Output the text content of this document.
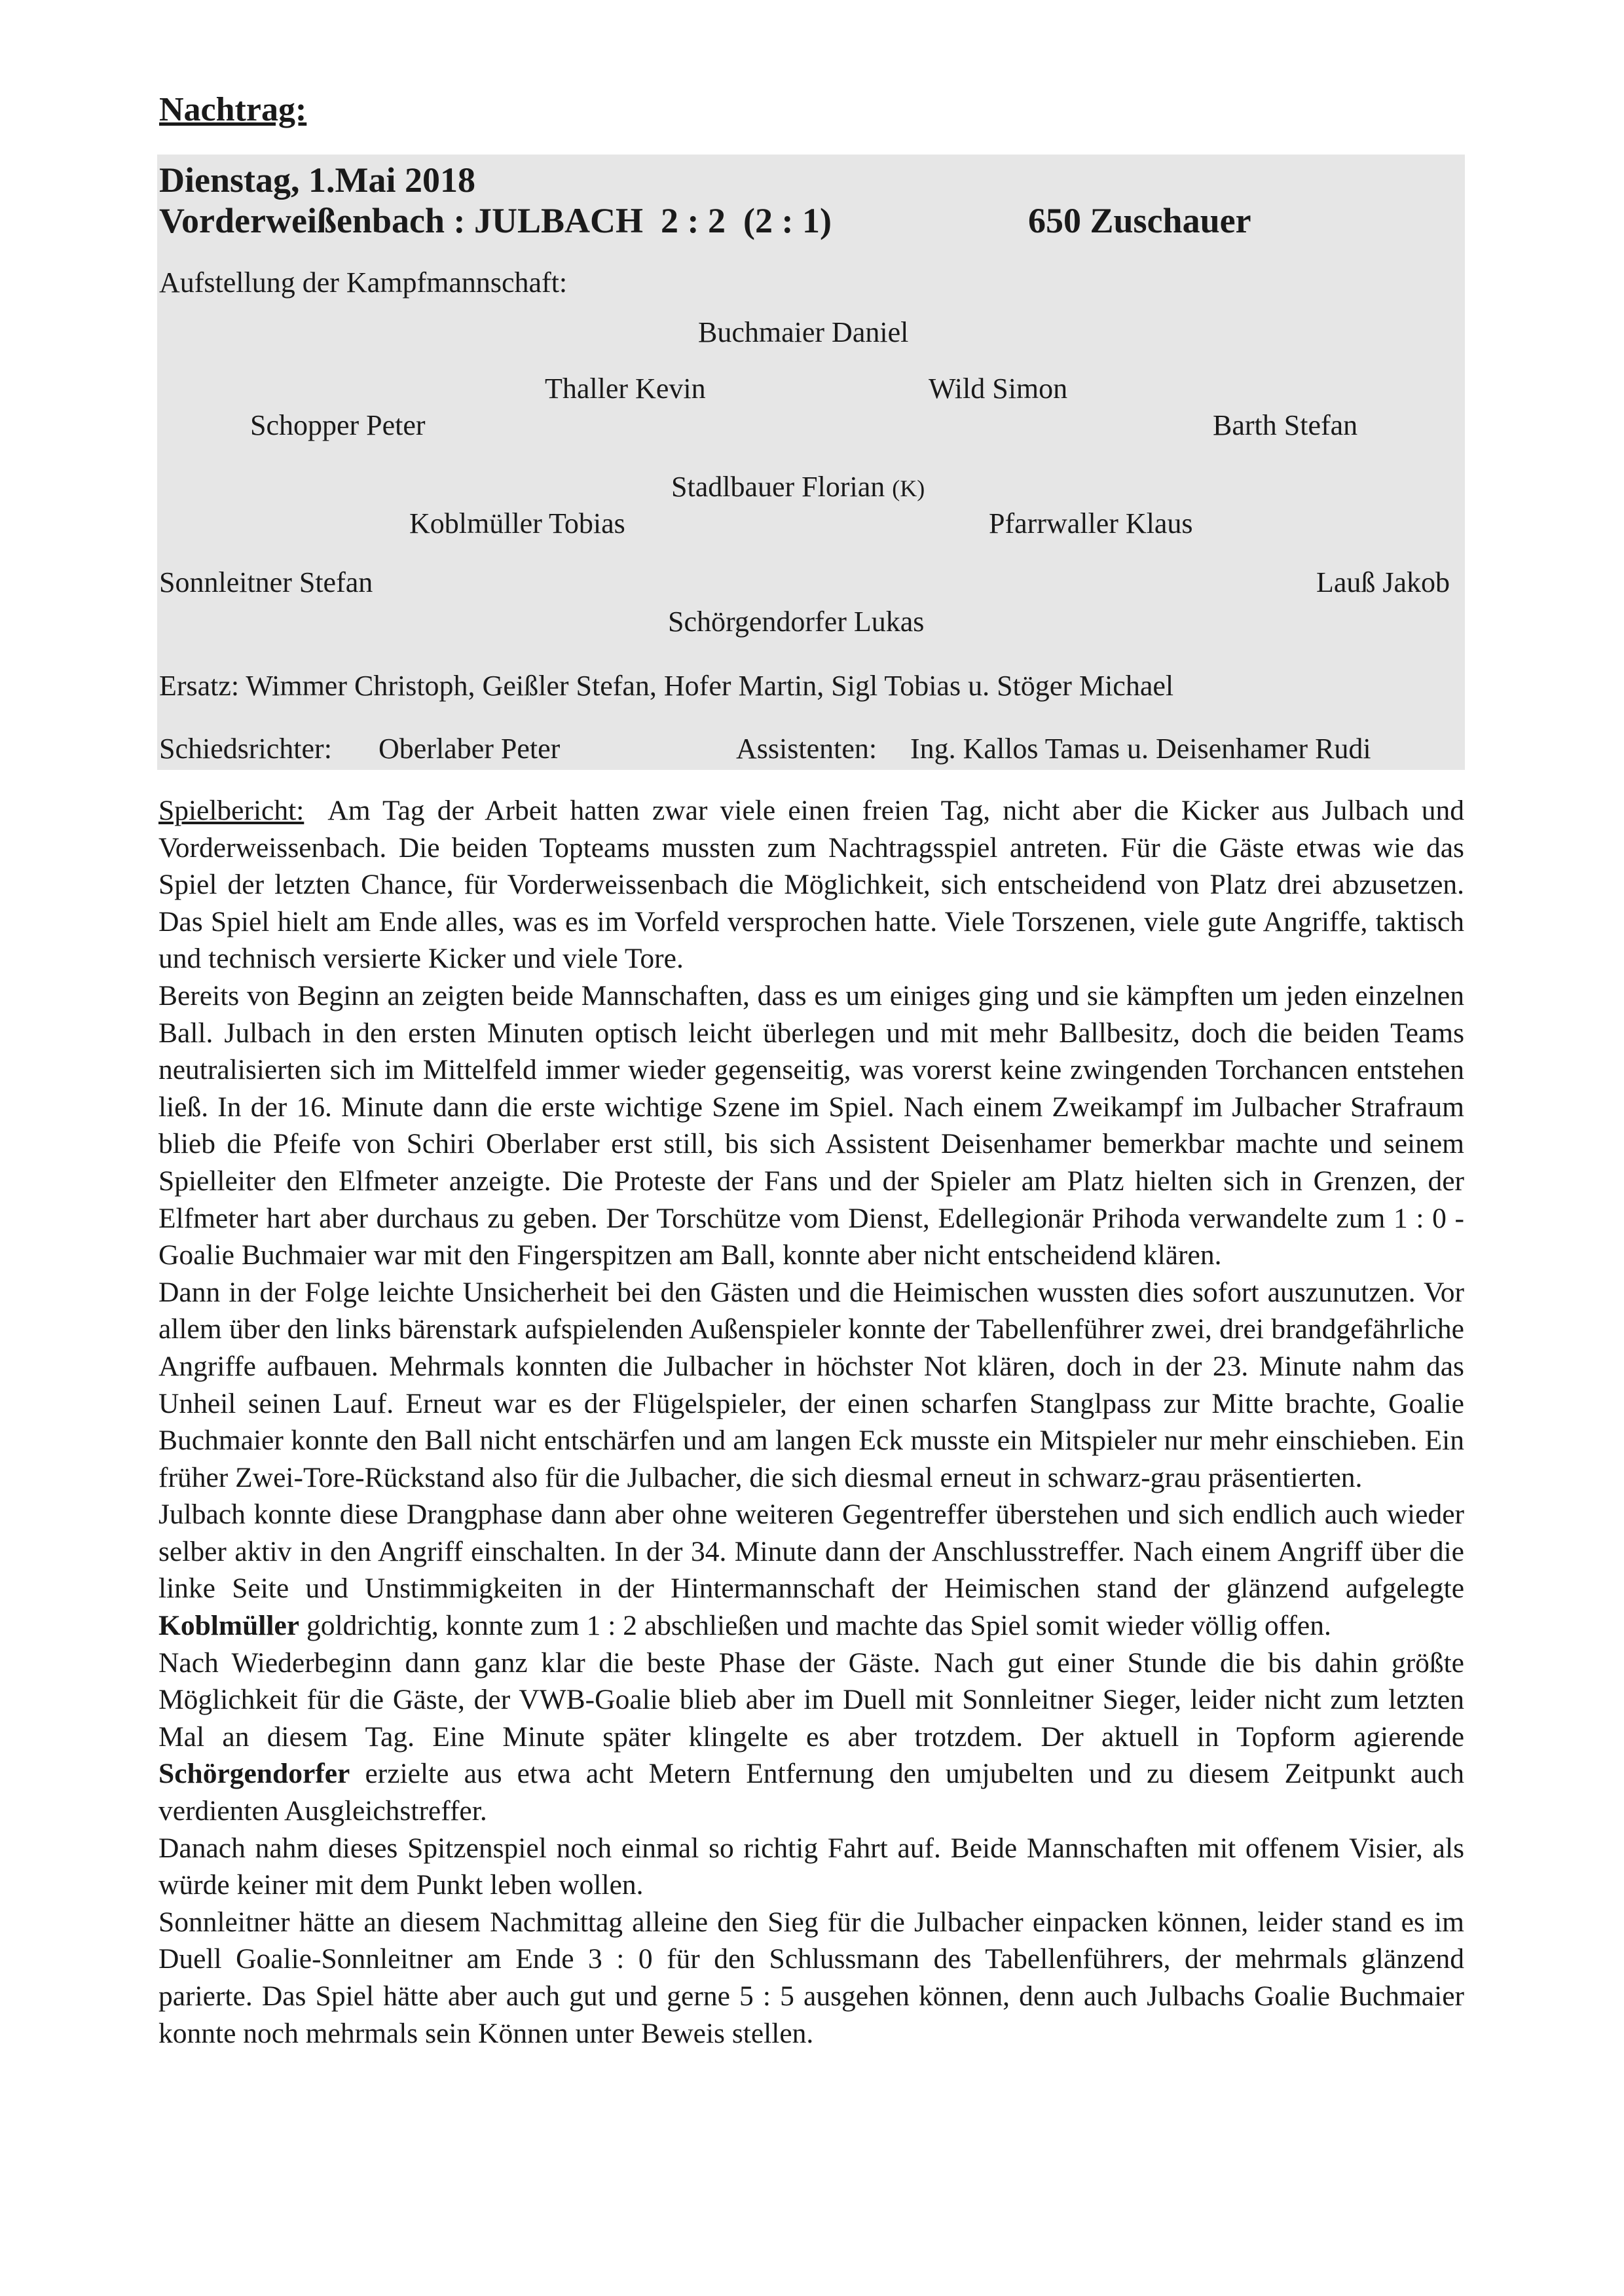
Nachtrag:
Dienstag, 1.Mai 2018
Vorderweißenbach : JULBACH  2 : 2  (2 : 1)	650 Zuschauer
Aufstellung der Kampfmannschaft:
Buchmaier Daniel
Thaller Kevin	Wild Simon
Schopper Peter	Barth Stefan
Stadlbauer Florian (K)
Koblmüller Tobias	Pfarrwaller Klaus
Sonnleitner Stefan	Lauß Jakob
Schörgendorfer Lukas
Ersatz: Wimmer Christoph, Geißler Stefan, Hofer Martin, Sigl Tobias u. Stöger Michael
Schiedsrichter: Oberlaber Peter	Assistenten: Ing. Kallos Tamas u. Deisenhamer Rudi

Spielbericht: Am Tag der Arbeit hatten zwar viele einen freien Tag, nicht aber die Kicker aus Julbach und Vorderweissenbach. Die beiden Topteams mussten zum Nachtragsspiel antreten. Für die Gäste etwas wie das Spiel der letzten Chance, für Vorderweissenbach die Möglichkeit, sich entscheidend von Platz drei abzusetzen. Das Spiel hielt am Ende alles, was es im Vorfeld versprochen hatte. Viele Torszenen, viele gute Angriffe, taktisch und technisch versierte Kicker und viele Tore.

Bereits von Beginn an zeigten beide Mannschaften, dass es um einiges ging und sie kämpften um jeden einzelnen Ball. Julbach in den ersten Minuten optisch leicht überlegen und mit mehr Ballbesitz, doch die beiden Teams neutralisierten sich im Mittelfeld immer wieder gegenseitig, was vorerst keine zwingenden Torchancen entstehen ließ. In der 16. Minute dann die erste wichtige Szene im Spiel. Nach einem Zweikampf im Julbacher Strafraum blieb die Pfeife von Schiri Oberlaber erst still, bis sich Assistent Deisenhamer bemerkbar machte und seinem Spielleiter den Elfmeter anzeigte. Die Proteste der Fans und der Spieler am Platz hielten sich in Grenzen, der Elfmeter hart aber durchaus zu geben. Der Torschütze vom Dienst, Edellegionär Prihoda verwandelte zum 1 : 0 - Goalie Buchmaier war mit den Fingerspitzen am Ball, konnte aber nicht entscheidend klären.

Dann in der Folge leichte Unsicherheit bei den Gästen und die Heimischen wussten dies sofort auszunutzen. Vor allem über den links bärenstark aufspielenden Außenspieler konnte der Tabellenführer zwei, drei brandgefährliche Angriffe aufbauen. Mehrmals konnten die Julbacher in höchster Not klären, doch in der 23. Minute nahm das Unheil seinen Lauf. Erneut war es der Flügelspieler, der einen scharfen Stanglpass zur Mitte brachte, Goalie Buchmaier konnte den Ball nicht entschärfen und am langen Eck musste ein Mitspieler nur mehr einschieben. Ein früher Zwei-Tore-Rückstand also für die Julbacher, die sich diesmal erneut in schwarz-grau präsentierten.

Julbach konnte diese Drangphase dann aber ohne weiteren Gegentreffer überstehen und sich endlich auch wieder selber aktiv in den Angriff einschalten. In der 34. Minute dann der Anschlusstreffer. Nach einem Angriff über die linke Seite und Unstimmigkeiten in der Hintermannschaft der Heimischen stand der glänzend aufgelegte Koblmüller goldrichtig, konnte zum 1 : 2 abschließen und machte das Spiel somit wieder völlig offen.

Nach Wiederbeginn dann ganz klar die beste Phase der Gäste. Nach gut einer Stunde die bis dahin größte Möglichkeit für die Gäste, der VWB-Goalie blieb aber im Duell mit Sonnleitner Sieger, leider nicht zum letzten Mal an diesem Tag. Eine Minute später klingelte es aber trotzdem. Der aktuell in Topform agierende Schörgendorfer erzielte aus etwa acht Metern Entfernung den umjubelten und zu diesem Zeitpunkt auch verdienten Ausgleichstreffer.

Danach nahm dieses Spitzenspiel noch einmal so richtig Fahrt auf. Beide Mannschaften mit offenem Visier, als würde keiner mit dem Punkt leben wollen.

Sonnleitner hätte an diesem Nachmittag alleine den Sieg für die Julbacher einpacken können, leider stand es im Duell Goalie-Sonnleitner am Ende 3 : 0 für den Schlussmann des Tabellenführers, der mehrmals glänzend parierte. Das Spiel hätte aber auch gut und gerne 5 : 5 ausgehen können, denn auch Julbachs Goalie Buchmaier konnte noch mehrmals sein Können unter Beweis stellen.
